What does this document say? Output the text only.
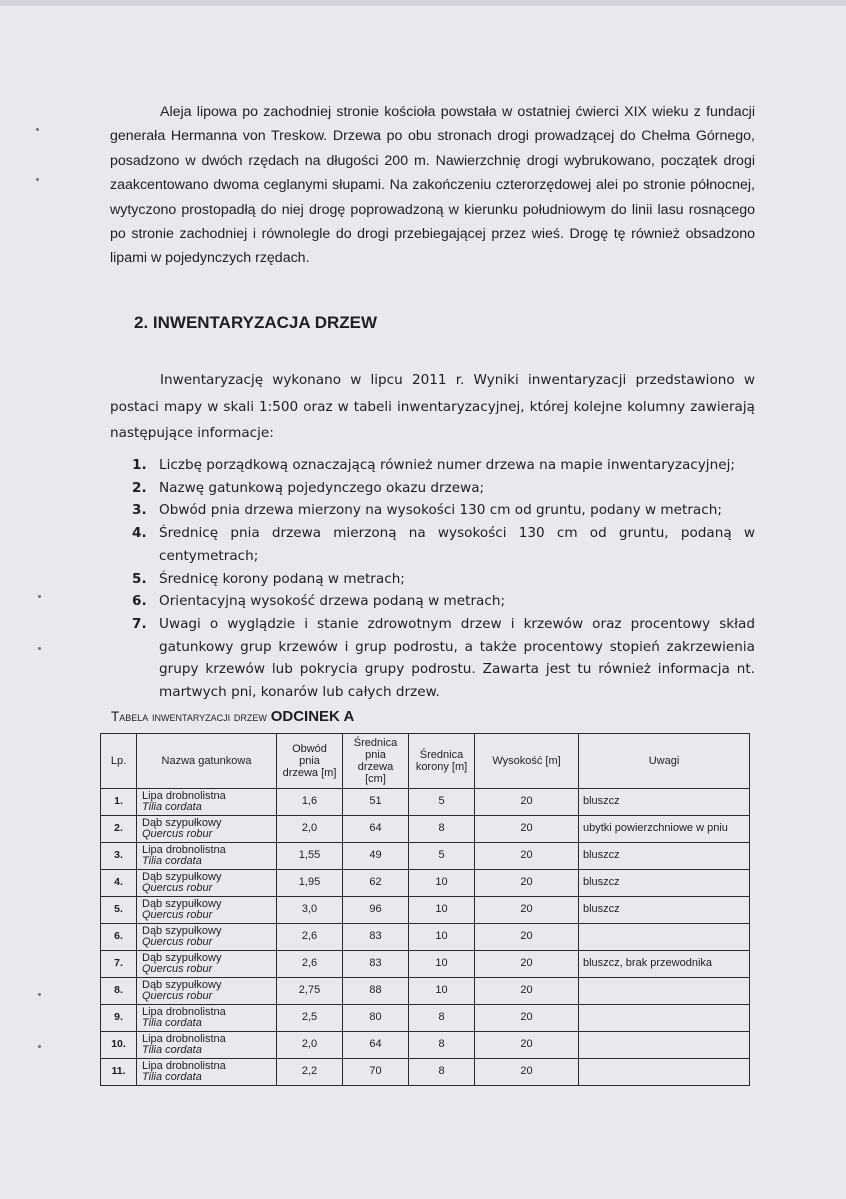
Aleja lipowa po zachodniej stronie kościoła powstała w ostatniej ćwierci XIX wieku z fundacji generała Hermanna von Treskow. Drzewa po obu stronach drogi prowadzącej do Chełma Górnego, posadzono w dwóch rzędach na długości 200 m. Nawierzchnię drogi wybrukowano, początek drogi zaakcentowano dwoma ceglanymi słupami. Na zakończeniu czterorzędowej alei po stronie północnej, wytyczono prostopadłą do niej drogę poprowadzoną w kierunku południowym do linii lasu rosnącego po stronie zachodniej i równolegle do drogi przebiegającej przez wieś. Drogę tę również obsadzono lipami w pojedynczych rzędach.

2. INWENTARYZACJA DRZEW

Inwentaryzację wykonano w lipcu 2011 r. Wyniki inwentaryzacji przedstawiono w postaci mapy w skali 1:500 oraz w tabeli inwentaryzacyjnej, której kolejne kolumny zawierają następujące informacje:

1. Liczbę porządkową oznaczającą również numer drzewa na mapie inwentaryzacyjnej;
2. Nazwę gatunkową pojedynczego okazu drzewa;
3. Obwód pnia drzewa mierzony na wysokości 130 cm od gruntu, podany w metrach;
4. Średnicę pnia drzewa mierzoną na wysokości 130 cm od gruntu, podaną w centymetrach;
5. Średnicę korony podaną w metrach;
6. Orientacyjną wysokość drzewa podaną w metrach;
7. Uwagi o wyglądzie i stanie zdrowotnym drzew i krzewów oraz procentowy skład gatunkowy grup krzewów i grup podrostu, a także procentowy stopień zakrzewienia grupy krzewów lub pokrycia grupy podrostu. Zawarta jest tu również informacja nt. martwych pni, konarów lub całych drzew.

Tabela inwentaryzacji drzew ODCINEK A

Lp.	Nazwa gatunkowa	Obwód pnia drzewa [m]	Średnica pnia drzewa [cm]	Średnica korony [m]	Wysokość [m]	Uwagi
1.	Lipa drobnolistna
Tilia cordata	1,6	51	5	20	bluszcz
2.	Dąb szypułkowy
Quercus robur	2,0	64	8	20	ubytki powierzchniowe w pniu
3.	Lipa drobnolistna
Tilia cordata	1,55	49	5	20	bluszcz
4.	Dąb szypułkowy
Quercus robur	1,95	62	10	20	bluszcz
5.	Dąb szypułkowy
Quercus robur	3,0	96	10	20	bluszcz
6.	Dąb szypułkowy
Quercus robur	2,6	83	10	20	
7.	Dąb szypułkowy
Quercus robur	2,6	83	10	20	bluszcz, brak przewodnika
8.	Dąb szypułkowy
Quercus robur	2,75	88	10	20	
9.	Lipa drobnolistna
Tilia cordata	2,5	80	8	20	
10.	Lipa drobnolistna
Tilia cordata	2,0	64	8	20	
11.	Lipa drobnolistna
Tilia cordata	2,2	70	8	20	
